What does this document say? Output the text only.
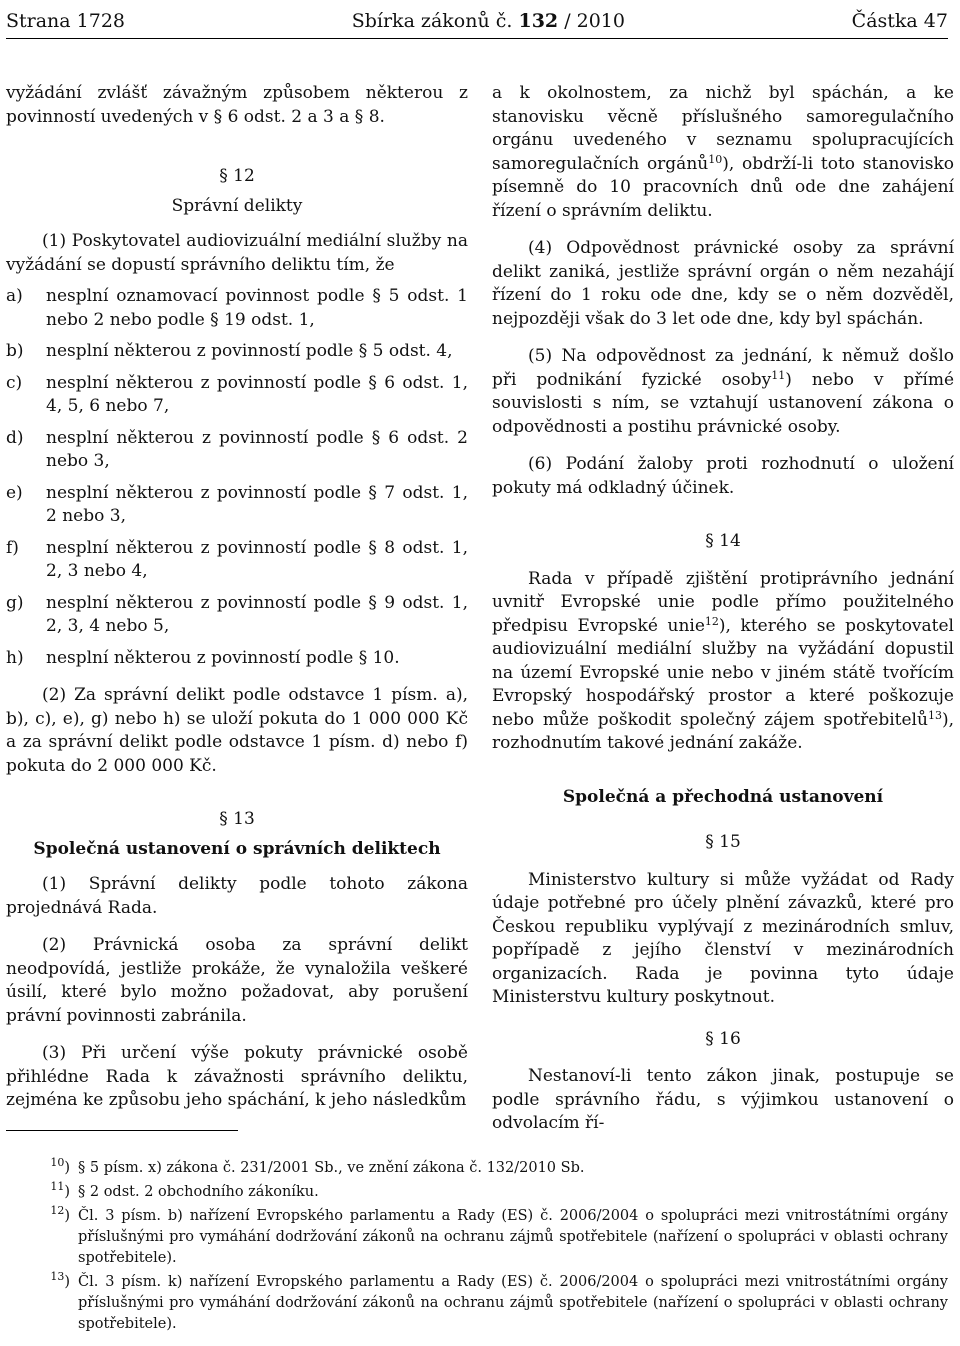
Strana 1728	Sbírka zákonů č. 132 / 2010	Částka 47

vyžádání zvlášť závažným způsobem některou z povinností uvedených v § 6 odst. 2 a 3 a § 8.

§ 12
Správní delikty

(1) Poskytovatel audiovizuální mediální služby na vyžádání se dopustí správního deliktu tím, že

a)	nesplní oznamovací povinnost podle § 5 odst. 1 nebo 2 nebo podle § 19 odst. 1,
b)	nesplní některou z povinností podle § 5 odst. 4,
c)	nesplní některou z povinností podle § 6 odst. 1, 4, 5, 6 nebo 7,
d)	nesplní některou z povinností podle § 6 odst. 2 nebo 3,
e)	nesplní některou z povinností podle § 7 odst. 1, 2 nebo 3,
f)	nesplní některou z povinností podle § 8 odst. 1, 2, 3 nebo 4,
g)	nesplní některou z povinností podle § 9 odst. 1, 2, 3, 4 nebo 5,
h)	nesplní některou z povinností podle § 10.

(2) Za správní delikt podle odstavce 1 písm. a), b), c), e), g) nebo h) se uloží pokuta do 1 000 000 Kč a za správní delikt podle odstavce 1 písm. d) nebo f) pokuta do 2 000 000 Kč.

§ 13
Společná ustanovení o správních deliktech

(1) Správní delikty podle tohoto zákona projednává Rada.

(2) Právnická osoba za správní delikt neodpovídá, jestliže prokáže, že vynaložila veškeré úsilí, které bylo možno požadovat, aby porušení právní povinnosti zabránila.

(3) Při určení výše pokuty právnické osobě přihlédne Rada k závažnosti správního deliktu, zejména ke způsobu jeho spáchání, k jeho následkům

a k okolnostem, za nichž byl spáchán, a ke stanovisku věcně příslušného samoregulačního orgánu uvedeného v seznamu spolupracujících samoregulačních orgánů$^{10}$), obdrží-li toto stanovisko písemně do 10 pracovních dnů ode dne zahájení řízení o správním deliktu.

(4) Odpovědnost právnické osoby za správní delikt zaniká, jestliže správní orgán o něm nezahájí řízení do 1 roku ode dne, kdy se o něm dozvěděl, nejpozději však do 3 let ode dne, kdy byl spáchán.

(5) Na odpovědnost za jednání, k němuž došlo při podnikání fyzické osoby$^{11}$) nebo v přímé souvislosti s ním, se vztahují ustanovení zákona o odpovědnosti a postihu právnické osoby.

(6) Podání žaloby proti rozhodnutí o uložení pokuty má odkladný účinek.

§ 14

Rada v případě zjištění protiprávního jednání uvnitř Evropské unie podle přímo použitelného předpisu Evropské unie$^{12}$), kterého se poskytovatel audiovizuální mediální služby na vyžádání dopustil na území Evropské unie nebo v jiném státě tvořícím Evropský hospodářský prostor a které poškozuje nebo může poškodit společný zájem spotřebitelů$^{13}$), rozhodnutím takové jednání zakáže.

Společná a přechodná ustanovení
§ 15

Ministerstvo kultury si může vyžádat od Rady údaje potřebné pro účely plnění závazků, které pro Českou republiku vyplývají z mezinárodních smluv, popřípadě z jejího členství v mezinárodních organizacích. Rada je povinna tyto údaje Ministerstvu kultury poskytnout.

§ 16

Nestanoví-li tento zákon jinak, postupuje se podle správního řádu, s výjimkou ustanovení o odvolacím ří-

$^{10}$) § 5 písm. x) zákona č. 231/2001 Sb., ve znění zákona č. 132/2010 Sb.
$^{11}$) § 2 odst. 2 obchodního zákoníku.
$^{12}$) Čl. 3 písm. b) nařízení Evropského parlamentu a Rady (ES) č. 2006/2004 o spolupráci mezi vnitrostátními orgány příslušnými pro vymáhání dodržování zákonů na ochranu zájmů spotřebitele (nařízení o spolupráci v oblasti ochrany spotřebitele).
$^{13}$) Čl. 3 písm. k) nařízení Evropského parlamentu a Rady (ES) č. 2006/2004 o spolupráci mezi vnitrostátními orgány příslušnými pro vymáhání dodržování zákonů na ochranu zájmů spotřebitele (nařízení o spolupráci v oblasti ochrany spotřebitele).
